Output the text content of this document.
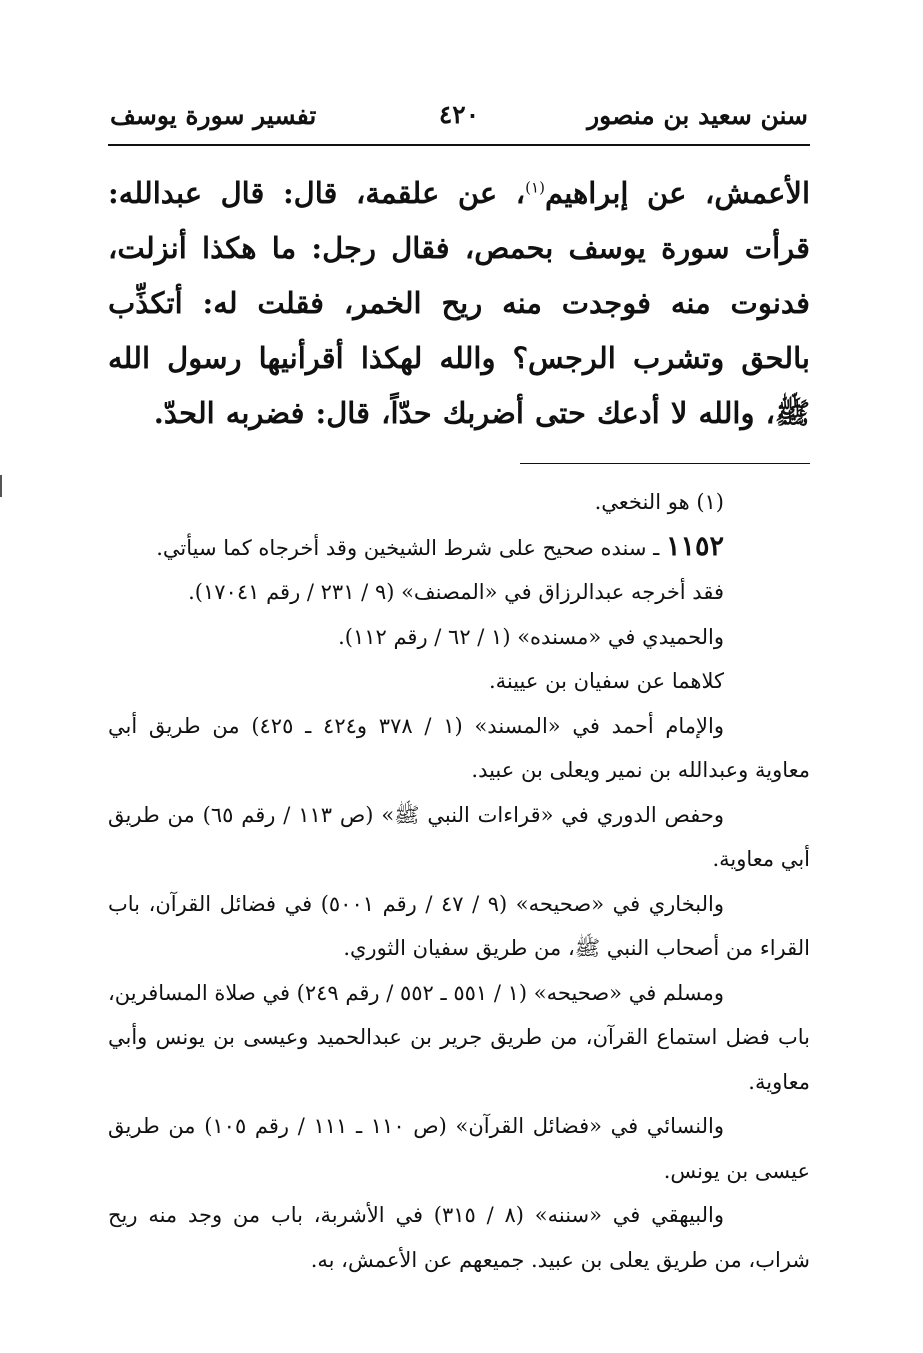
سنن سعيد بن منصور
٤٢٠
تفسير سورة يوسف
الأعمش، عن إبراهيم$^{(١)}$، عن علقمة، قال: قال عبدالله: قرأت سورة يوسف بحمص، فقال رجل: ما هكذا أنزلت، فدنوت منه فوجدت منه ريح الخمر، فقلت له: أتكذِّب بالحق وتشرب الرجس؟ والله لهكذا أقرأنيها رسول الله ﷺ، والله لا أدعك حتى أضربك حدّاً، قال: فضربه الحدّ.
(١) هو النخعي.
١١٥٢ ـ سنده صحيح على شرط الشيخين وقد أخرجاه كما سيأتي.
فقد أخرجه عبدالرزاق في «المصنف» (٩ / ٢٣١ / رقم ١٧٠٤١).
والحميدي في «مسنده» (١ / ٦٢ / رقم ١١٢).
كلاهما عن سفيان بن عيينة.
والإمام أحمد في «المسند» (١ / ٣٧٨ و٤٢٤ ـ ٤٢٥) من طريق أبي معاوية وعبدالله بن نمير ويعلى بن عبيد.
وحفص الدوري في «قراءات النبي ﷺ» (ص ١١٣ / رقم ٦٥) من طريق أبي معاوية.
والبخاري في «صحيحه» (٩ / ٤٧ / رقم ٥٠٠١) في فضائل القرآن، باب القراء من أصحاب النبي ﷺ، من طريق سفيان الثوري.
ومسلم في «صحيحه» (١ / ٥٥١ ـ ٥٥٢ / رقم ٢٤٩) في صلاة المسافرين، باب فضل استماع القرآن، من طريق جرير بن عبدالحميد وعيسى بن يونس وأبي معاوية.
والنسائي في «فضائل القرآن» (ص ١١٠ ـ ١١١ / رقم ١٠٥) من طريق عيسى بن يونس.
والبيهقي في «سننه» (٨ / ٣١٥) في الأشربة، باب من وجد منه ريح شراب، من طريق يعلى بن عبيد. جميعهم عن الأعمش، به.
